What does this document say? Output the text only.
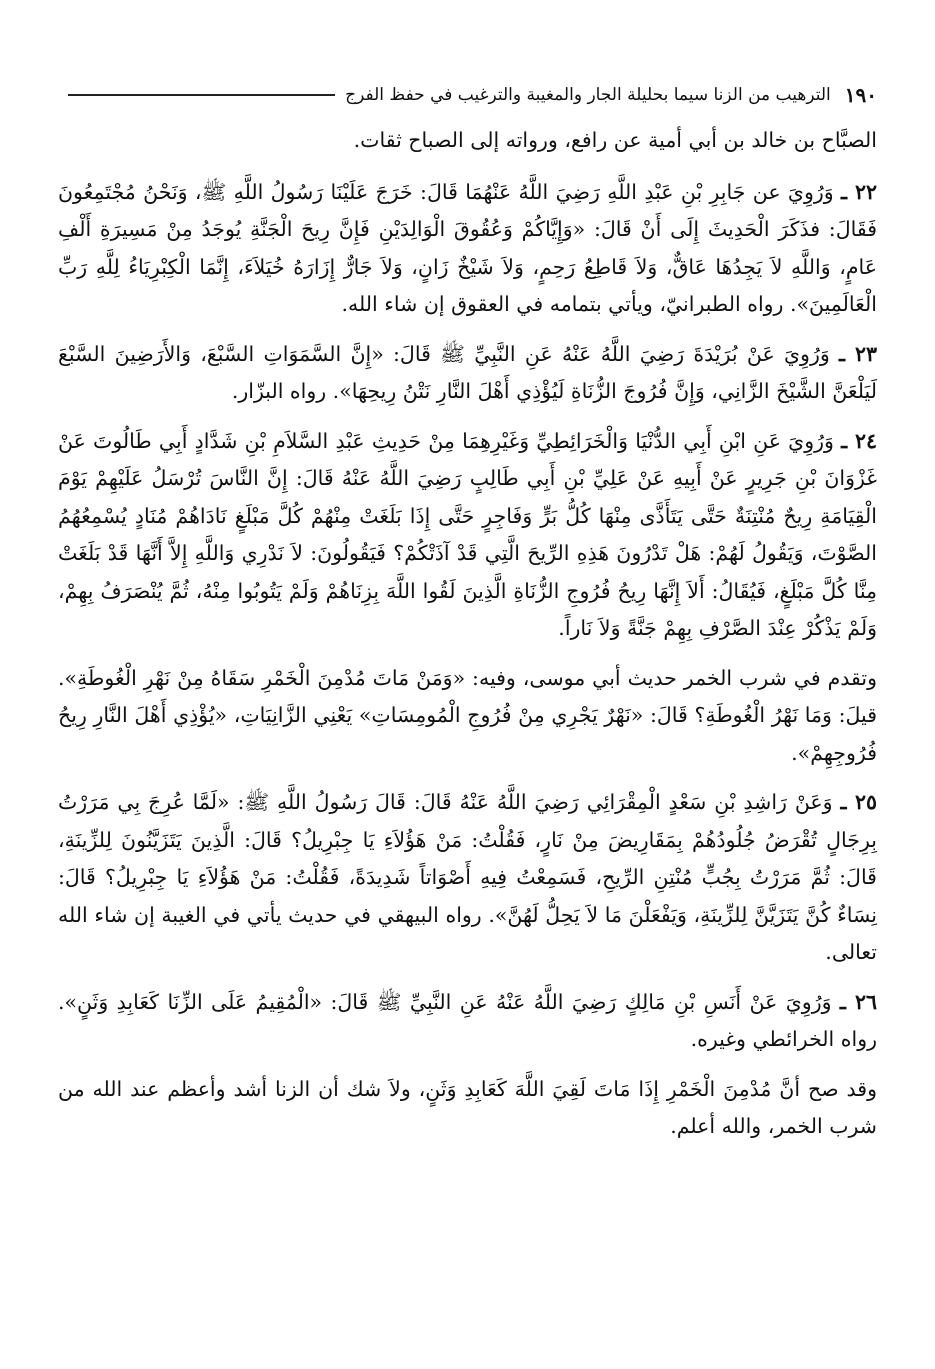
١٩٠
الترهيب من الزنا سيما بحليلة الجار والمغيبة والترغيب في حفظ الفرج

الصبَّاح بن خالد بن أبي أمية عن رافع، ورواته إلى الصباح ثقات.

٢٢ ـ وَرُوِيَ عن جَابِرِ بْنِ عَبْدِ اللَّهِ رَضِيَ اللَّهُ عَنْهُمَا قَالَ: خَرَجَ عَلَيْنَا رَسُولُ اللَّهِ ﷺ، وَنَحْنُ مُجْتَمِعُونَ فَقَالَ: فذَكَرَ الْحَدِيثَ إِلَى أَنْ قَالَ: «وَإِيَّاكُمْ وَعُقُوقَ الْوَالِدَيْنِ فَإِنَّ رِيحَ الْجَنَّةِ يُوجَدُ مِنْ مَسِيرَةِ أَلْفِ عَامٍ، وَاللَّهِ لاَ يَجِدُهَا عَاقٌّ، وَلاَ قَاطِعُ رَحِمٍ، وَلاَ شَيْخٌ زَانٍ، وَلاَ جَارٌّ إِزَارَهُ خُيَلاَءَ، إِنَّمَا الْكِبْرِيَاءُ لِلَّهِ رَبِّ الْعَالَمِينَ». رواه الطبرانيّ، ويأتي بتمامه في العقوق إن شاء الله.

٢٣ ـ وَرُوِيَ عَنْ بُرَيْدَةَ رَضِيَ اللَّهُ عَنْهُ عَنِ النَّبِيِّ ﷺ قَالَ: «إِنَّ السَّمَوَاتِ السَّبْعَ، وَالأَرَضِينَ السَّبْعَ لَيَلْعَنَّ الشَّيْخَ الزَّانِي، وَإِنَّ فُرُوجَ الزُّنَاةِ لَيُؤْذِي أَهْلَ النَّارِ نَتْنُ رِيحِهَا». رواه البزّار.

٢٤ ـ وَرُوِيَ عَنِ ابْنِ أَبِي الدُّنْيَا وَالْخَرَائِطِيِّ وَغَيْرِهِمَا مِنْ حَدِيثِ عَبْدِ السَّلاَمِ بْنِ شَدَّادٍ أَبِي طَالُوتَ عَنْ غَزْوَانَ بْنِ جَرِيرٍ عَنْ أَبِيهِ عَنْ عَلِيِّ بْنِ أَبِي طَالِبٍ رَضِيَ اللَّهُ عَنْهُ قَالَ: إِنَّ النَّاسَ تُرْسَلُ عَلَيْهِمْ يَوْمَ الْقِيَامَةِ رِيحٌ مُنْتِنَةٌ حَتَّى يَتَأَذَّى مِنْهَا كُلُّ بَرٍّ وَفَاجِرٍ حَتَّى إِذَا بَلَغَتْ مِنْهُمْ كُلَّ مَبْلَغٍ نَادَاهُمْ مُنَادٍ يُسْمِعُهُمُ الصَّوْتَ، وَيَقُولُ لَهُمْ: هَلْ تَدْرُونَ هَذِهِ الرِّيحَ الَّتِي قَدْ آذَتْكُمْ؟ فَيَقُولُونَ: لاَ نَدْرِي وَاللَّهِ إِلاَّ أَنَّهَا قَدْ بَلَغَتْ مِنَّا كُلَّ مَبْلَغٍ، فَيُقَالُ: أَلاَ إِنَّهَا رِيحُ فُرُوجِ الزُّنَاةِ الَّذِينَ لَقُوا اللَّهَ بِزِنَاهُمْ وَلَمْ يَتُوبُوا مِنْهُ، ثُمَّ يُنْصَرَفُ بِهِمْ، وَلَمْ يَذْكُرْ عِنْدَ الصَّرْفِ بِهِمْ جَنَّةً وَلاَ نَاراً.

وتقدم في شرب الخمر حديث أبي موسى، وفيه: «وَمَنْ مَاتَ مُدْمِنَ الْخَمْرِ سَقَاهُ مِنْ نَهْرِ الْغُوطَةِ». قيلَ: وَمَا نَهْرُ الْغُوطَةِ؟ قَالَ: «نَهْرٌ يَجْرِي مِنْ فُرُوجِ الْمُومِسَاتِ» يَعْنِي الزَّانِيَاتِ، «يُؤْذِي أَهْلَ النَّارِ رِيحُ فُرُوجِهِمْ».

٢٥ ـ وَعَنْ رَاشِدِ بْنِ سَعْدٍ الْمِقْرَائِي رَضِيَ اللَّهُ عَنْهُ قَالَ: قَالَ رَسُولُ اللَّهِ ﷺ: «لَمَّا عُرِجَ بِي مَرَرْتُ بِرِجَالٍ تُقْرَضُ جُلُودُهُمْ بِمَقَارِيضَ مِنْ نَارٍ، فَقُلْتُ: مَنْ هَؤُلاَءِ يَا جِبْرِيلُ؟ قَالَ: الَّذِينَ يَتَزَيَّنُونَ لِلزِّينَةِ، قَالَ: ثُمَّ مَرَرْتُ بِجُبٍّ مُنْتِنِ الرِّيحِ، فَسَمِعْتُ فِيهِ أَصْوَاتاً شَدِيدَةً، فَقُلْتُ: مَنْ هَؤُلاَءِ يَا جِبْرِيلُ؟ قَالَ: نِسَاءٌ كُنَّ يَتَزَيَّنَّ لِلزِّينَةِ، وَيَفْعَلْنَ مَا لاَ يَحِلُّ لَهُنَّ». رواه البيهقي في حديث يأتي في الغيبة إن شاء الله تعالى.

٢٦ ـ وَرُوِيَ عَنْ أَنَسِ بْنِ مَالِكٍ رَضِيَ اللَّهُ عَنْهُ عَنِ النَّبِيِّ ﷺ قَالَ: «الْمُقِيمُ عَلَى الزِّنَا كَعَابِدِ وَثَنٍ». رواه الخرائطي وغيره.

وقد صح أنَّ مُدْمِنَ الْخَمْرِ إِذَا مَاتَ لَقِيَ اللَّهَ كَعَابِدِ وَثَنٍ، ولاَ شك أن الزنا أشد وأعظم عند الله من شرب الخمر، والله أعلم.
